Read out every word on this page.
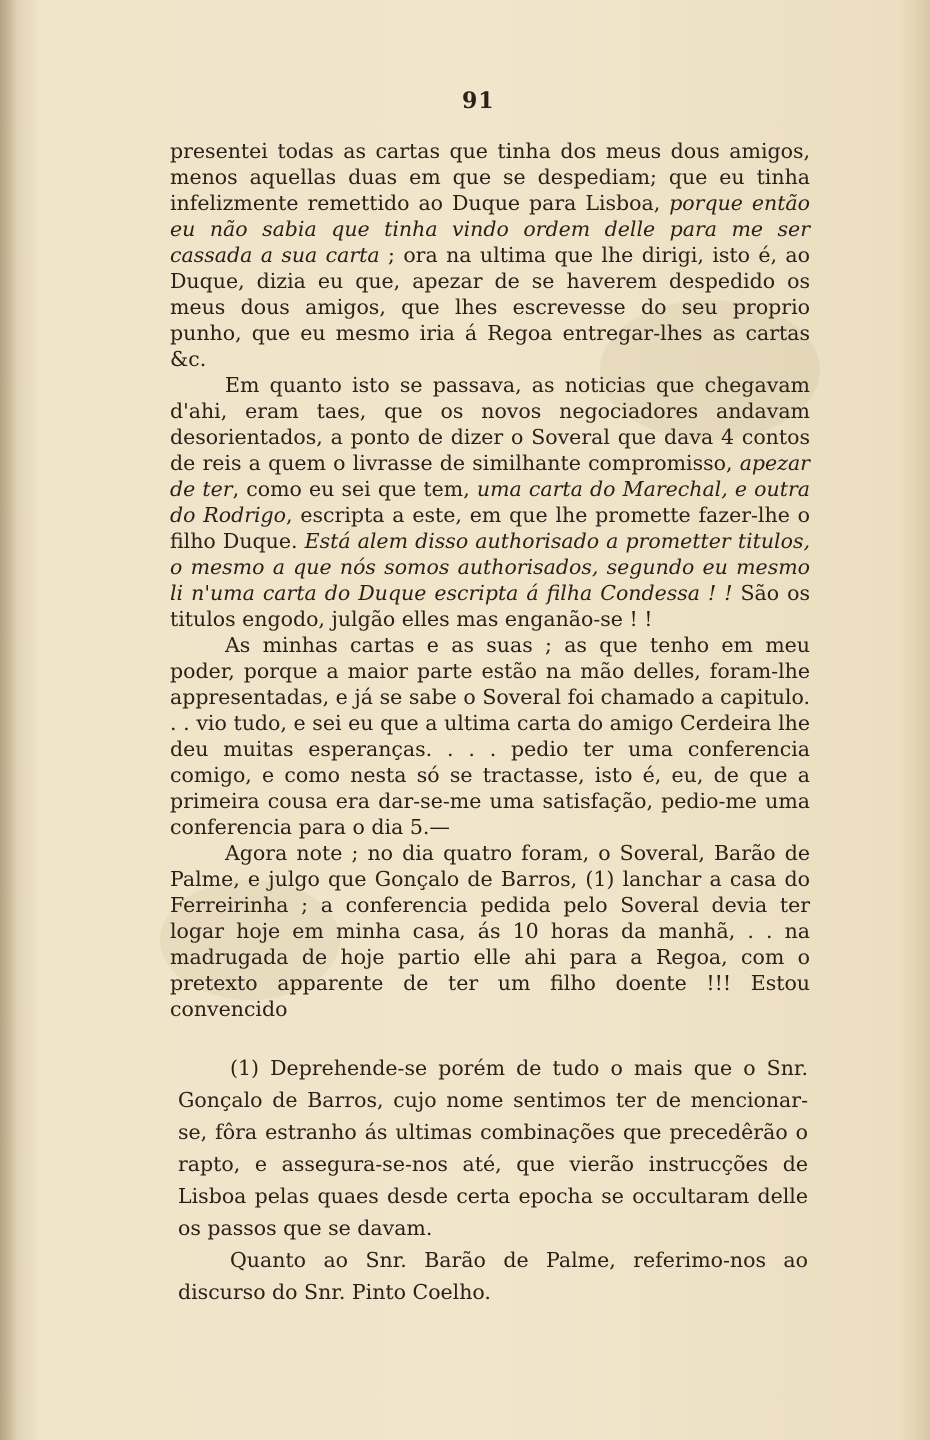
91

presentei todas as cartas que tinha dos meus dous amigos, menos aquellas duas em que se despediam; que eu tinha infelizmente remettido ao Duque para Lisboa, porque então eu não sabia que tinha vindo ordem delle para me ser cassada a sua carta ; ora na ultima que lhe dirigi, isto é, ao Duque, dizia eu que, apezar de se haverem despedido os meus dous amigos, que lhes escrevesse do seu proprio punho, que eu mesmo iria á Regoa entregar-lhes as cartas &c.

Em quanto isto se passava, as noticias que chegavam d'ahi, eram taes, que os novos negociadores andavam desorientados, a ponto de dizer o Soveral que dava 4 contos de reis a quem o livrasse de similhante compromisso, apezar de ter, como eu sei que tem, uma carta do Marechal, e outra do Rodrigo, escripta a este, em que lhe promette fazer-lhe o filho Duque. Está alem disso authorisado a prometter titulos, o mesmo a que nós somos authorisados, segundo eu mesmo li n'uma carta do Duque escripta á filha Condessa ! ! São os titulos engodo, julgão elles mas enganão-se ! !

As minhas cartas e as suas ; as que tenho em meu poder, porque a maior parte estão na mão delles, foram-lhe appresentadas, e já se sabe o Soveral foi chamado a capitulo. . . vio tudo, e sei eu que a ultima carta do amigo Cerdeira lhe deu muitas esperanças. . . . pedio ter uma conferencia comigo, e como nesta só se tractasse, isto é, eu, de que a primeira cousa era dar-se-me uma satisfação, pedio-me uma conferencia para o dia 5.—

Agora note ; no dia quatro foram, o Soveral, Barão de Palme, e julgo que Gonçalo de Barros, (1) lanchar a casa do Ferreirinha ; a conferencia pedida pelo Soveral devia ter logar hoje em minha casa, ás 10 horas da manhã, . . na madrugada de hoje partio elle ahi para a Regoa, com o pretexto apparente de ter um filho doente !!! Estou convencido

(1) Deprehende-se porém de tudo o mais que o Snr. Gonçalo de Barros, cujo nome sentimos ter de mencionar-se, fôra estranho ás ultimas combinações que precedêrão o rapto, e assegura-se-nos até, que vierão instrucções de Lisboa pelas quaes desde certa epocha se occultaram delle os passos que se davam.

Quanto ao Snr. Barão de Palme, referimo-nos ao discurso do Snr. Pinto Coelho.
